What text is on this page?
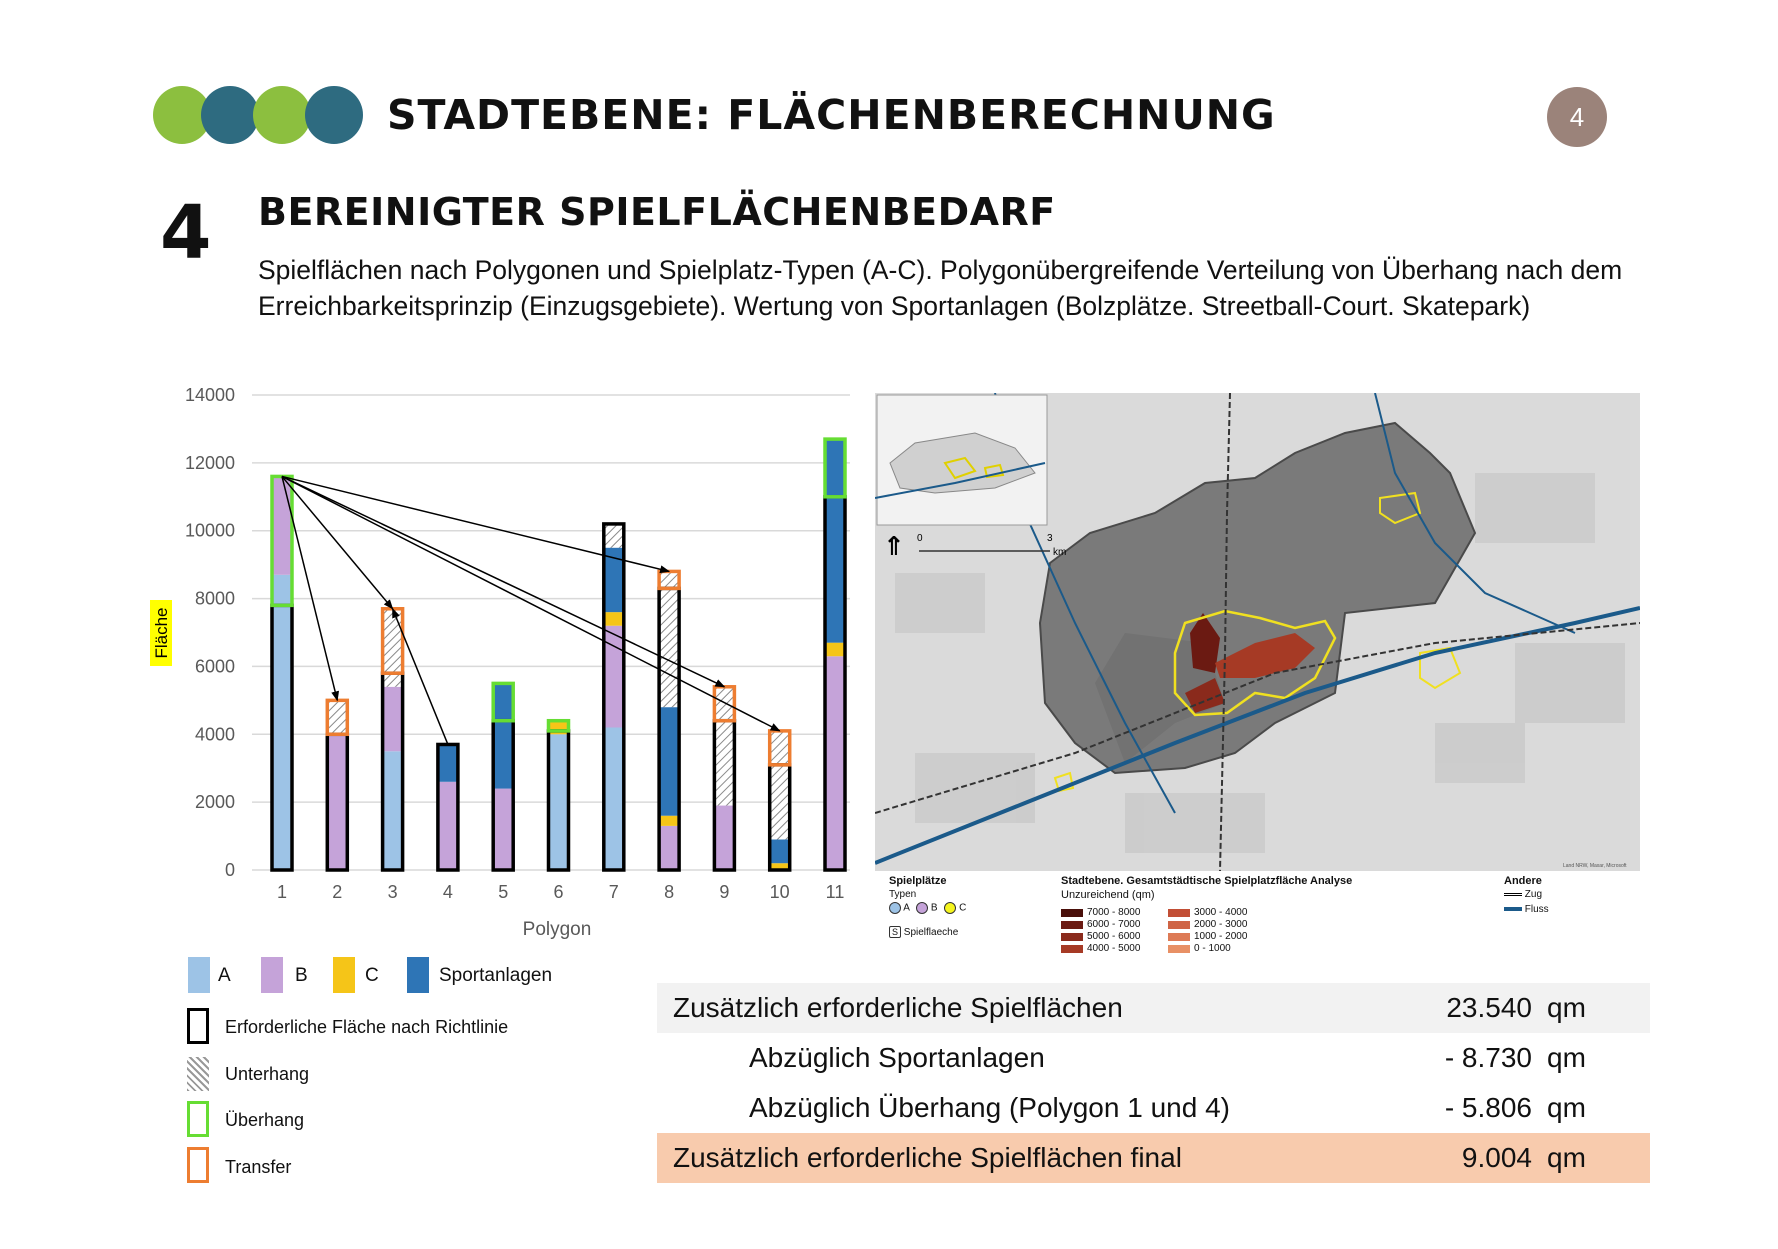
STADTEBENE: FLÄCHENBERECHNUNG	4
4 BEREINIGTER SPIELFLÄCHENBEDARF
Spielflächen nach Polygonen und Spielplatz-Typen (A-C). Polygonübergreifende Verteilung von Überhang nach dem Erreichbarkeitsprinzip (Einzugsgebiete). Wertung von Sportanlagen (Bolzplätze. Streetball-Court. Skatepark)
0
2000
4000
6000
8000
10000
12000
14000
1	2	3	4	5	6	7	8	9 10 11
Fläche
Polygon
⇑ 0	3
km
Land NRW, Maxar, Microsoft
Spielplätze
Typen
A B C
S Spielflaeche
Stadtebene. Gesamtstädtische Spielplatzfläche Analyse
Unzureichend (qm)
7000 - 8000
6000 - 7000
5000 - 6000
4000 - 5000
3000 - 4000
2000 - 3000
1000 - 2000
0 - 1000
Andere
Zug
Fluss
A	B	C	Sportanlagen
Erforderliche Fläche nach Richtlinie
Unterhang
Überhang
Transfer
Zusätzlich erforderliche Spielflächen	23.540 qm
Abzüglich Sportanlagen	- 8.730 qm
Abzüglich Überhang (Polygon 1 und 4)	- 5.806 qm
Zusätzlich erforderliche Spielflächen final	9.004 qm
